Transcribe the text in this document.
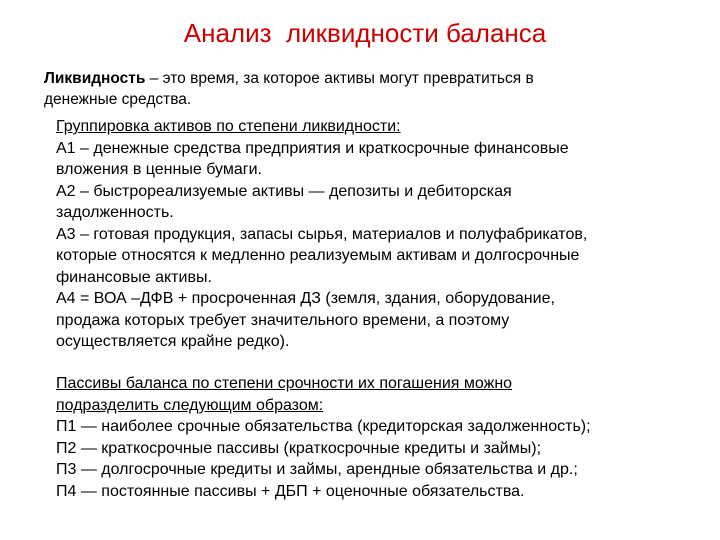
Анализ  ликвидности баланса
Ликвидность – это время, за которое активы могут превратиться в
денежные средства.
Группировка активов по степени ликвидности:
А1 – денежные средства предприятия и краткосрочные финансовые
вложения в ценные бумаги.
А2 – быстрореализуемые активы — депозиты и дебиторская
задолженность.
А3 – готовая продукция, запасы сырья, материалов и полуфабрикатов,
которые относятся к медленно реализуемым активам и долгосрочные
финансовые активы.
А4 = ВОА –ДФВ + просроченная ДЗ (земля, здания, оборудование,
продажа которых требует значительного времени, а поэтому
осуществляется крайне редко).
Пассивы баланса по степени срочности их погашения можно
подразделить следующим образом:
П1 — наиболее срочные обязательства (кредиторская задолженность);
П2 — краткосрочные пассивы (краткосрочные кредиты и займы);
П3 — долгосрочные кредиты и займы, арендные обязательства и др.;
П4 — постоянные пассивы + ДБП + оценочные обязательства.
